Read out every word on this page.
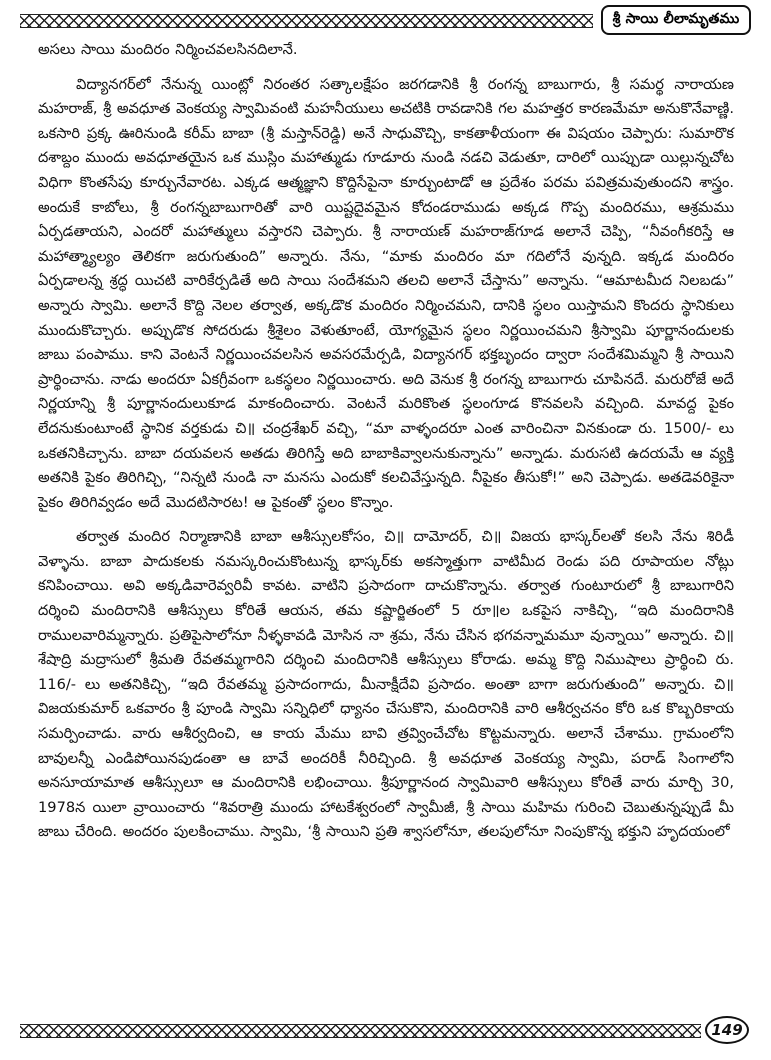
శ్రీ సాయి లీలామృతము

అసలు సాయి మందిరం నిర్మించవలసినదిలానే.

విద్యానగర్‌లో నేనున్న యింట్లో నిరంతర సత్కాలక్షేపం జరగడానికి శ్రీ రంగన్న బాబుగారు, శ్రీ సమర్థ నారాయణ మహరాజ్, శ్రీ అవధూత వెంకయ్య స్వామివంటి మహనీయులు అచటికి రావడానికి గల మహత్తర కారణమేమా అనుకొనేవాణ్ణి. ఒకసారి ప్రక్క ఊరినుండి కరీమ్ బాబా (శ్రీ మస్తాన్‌రెడ్డి) అనే సాధువొచ్చి, కాకతాళీయంగా ఈ విషయం చెప్పారు: సుమారొక దశాబ్దం ముందు అవధూతయైన ఒక ముస్లిం మహాత్ముడు గూడూరు నుండి నడచి వెడుతూ, దారిలో యిప్పుడా యిల్లున్నచోట విధిగా కొంతసేపు కూర్చునేవారట. ఎక్కడ ఆత్మజ్ఞాని కొద్దిసేపైనా కూర్చుంటాడో ఆ ప్రదేశం పరమ పవిత్రమవుతుందని శాస్త్రం. అందుకే కాబోలు, శ్రీ రంగన్నబాబుగారితో వారి యిష్టదైవమైన కోదండరాముడు అక్కడ గొప్ప మందిరము, ఆశ్రమము ఏర్పడతాయని, ఎందరో మహాత్ములు వస్తారని చెప్పారు. శ్రీ నారాయణ్ మహరాజ్‌గూడ అలానే చెప్పి, “నీవంగీకరిస్తే ఆ మహాత్మ్యాల్యం తెలికగా జరుగుతుంది” అన్నారు. నేను, “మాకు మందిరం మా గదిలోనే వున్నది. ఇక్కడ మందిరం ఏర్పడాలన్న శ్రద్ధ యిచటి వారికేర్పడితే అది సాయి సందేశమని తలచి అలానే చేస్తాను” అన్నాను. “ఆమాటమీద నిలబడు” అన్నారు స్వామి. అలానే కొద్ది నెలల తర్వాత, అక్కడొక మందిరం నిర్మించమని, దానికి స్థలం యిస్తామని కొందరు స్థానికులు ముందుకొచ్చారు. అప్పుడొక సోదరుడు శ్రీశైలం వెళుతూంటే, యోగ్యమైన స్థలం నిర్ణయించమని శ్రీస్వామి పూర్ణానందులకు జాబు పంపాము. కాని వెంటనే నిర్ణయించవలసిన అవసరమేర్పడి, విద్యానగర్ భక్తబృందం ద్వారా సందేశమిమ్మని శ్రీ సాయిని ప్రార్థించాను. నాడు అందరూ ఏకగ్రీవంగా ఒకస్థలం నిర్ణయించారు. అది వెనుక శ్రీ రంగన్న బాబుగారు చూపినదే. మరురోజే అదే నిర్ణయాన్ని శ్రీ పూర్ణానందులుకూడ మాకందించారు. వెంటనే మరికొంత స్థలంగూడ కొనవలసి వచ్చింది. మావద్ద పైకం లేదనుకుంటూంటే స్థానిక వర్తకుడు చి॥ చంద్రశేఖర్ వచ్చి, “మా వాళ్ళందరూ ఎంత వారించినా వినకుండా రు. 1500/- లు ఒకతనికిచ్చాను. బాబా దయవలన అతడు తిరిగిస్తే అది బాబాకివ్వాలనుకున్నాను” అన్నాడు. మరుసటి ఉదయమే ఆ వ్యక్తి అతనికి పైకం తిరిగిచ్చి, “నిన్నటి నుండి నా మనసు ఎందుకో కలచివేస్తున్నది. నీపైకం తీసుకో!” అని చెప్పాడు. అతడెవరికైనా పైకం తిరిగివ్వడం అదే మొదటిసారట! ఆ పైకంతో స్థలం కొన్నాం.

తర్వాత మందిర నిర్మాణానికి బాబా ఆశీస్సులకోసం, చి॥ దామోదర్, చి॥ విజయ భాస్కర్‌లతో కలసి నేను శిరిడీ వెళ్ళాను. బాబా పాదుకలకు నమస్కరించుకొంటున్న భాస్కర్‌కు అకస్మాత్తుగా వాటిమీద రెండు పది రూపాయల నోట్లు కనిపించాయి. అవి అక్కడివారెవ్వరివీ కావట. వాటిని ప్రసాదంగా దాచుకొన్నాను. తర్వాత గుంటూరులో శ్రీ బాబుగారిని దర్శించి మందిరానికి ఆశీస్సులు కోరితే ఆయన, తమ కష్టార్జితంలో 5 రూ॥ల ఒకపైస నాకిచ్చి, “ఇది మందిరానికి రాములవారిమ్మన్నారు. ప్రతిపైసాలోనూ నీళ్ళకావడి మోసిన నా శ్రమ, నేను చేసిన భగవన్నామమూ వున్నాయి” అన్నారు. చి॥ శేషాద్రి మద్రాసులో శ్రీమతి రేవతమ్మగారిని దర్శించి మందిరానికి ఆశీస్సులు కోరాడు. అమ్మ కొద్ది నిముషాలు ప్రార్థించి రు. 116/- లు అతనికిచ్చి, “ఇది రేవతమ్మ ప్రసాదంగాదు, మీనాక్షీదేవి ప్రసాదం. అంతా బాగా జరుగుతుంది” అన్నారు. చి॥ విజయకుమార్ ఒకవారం శ్రీ పూండి స్వామి సన్నిధిలో ధ్యానం చేసుకొని, మందిరానికి వారి ఆశీర్వచనం కోరి ఒక కొబ్బరికాయ సమర్పించాడు. వారు ఆశీర్వదించి, ఆ కాయ మేము బావి త్రవ్వించేచోట కొట్టమన్నారు. అలానే చేశాము. గ్రామంలోని బావులన్నీ ఎండిపోయినపుడంతా ఆ బావే అందరికీ నీరిచ్చింది. శ్రీ అవధూత వెంకయ్య స్వామి, పరాడ్ సింగాలోని అనసూయామాత ఆశీస్సులూ ఆ మందిరానికి లభించాయి. శ్రీపూర్ణానంద స్వామివారి ఆశీస్సులు కోరితే వారు మార్చి 30, 1978న యిలా వ్రాయించారు “శివరాత్రి ముందు హాటకేశ్వరంలో స్వామీజీ, శ్రీ సాయి మహిమ గురించి చెబుతున్నప్పుడే మీ జాబు చేరింది. అందరం పులకించాము. స్వామి, ‘శ్రీ సాయిని ప్రతి శ్వాసలోనూ, తలపులోనూ నింపుకొన్న భక్తుని హృదయంలో

149
